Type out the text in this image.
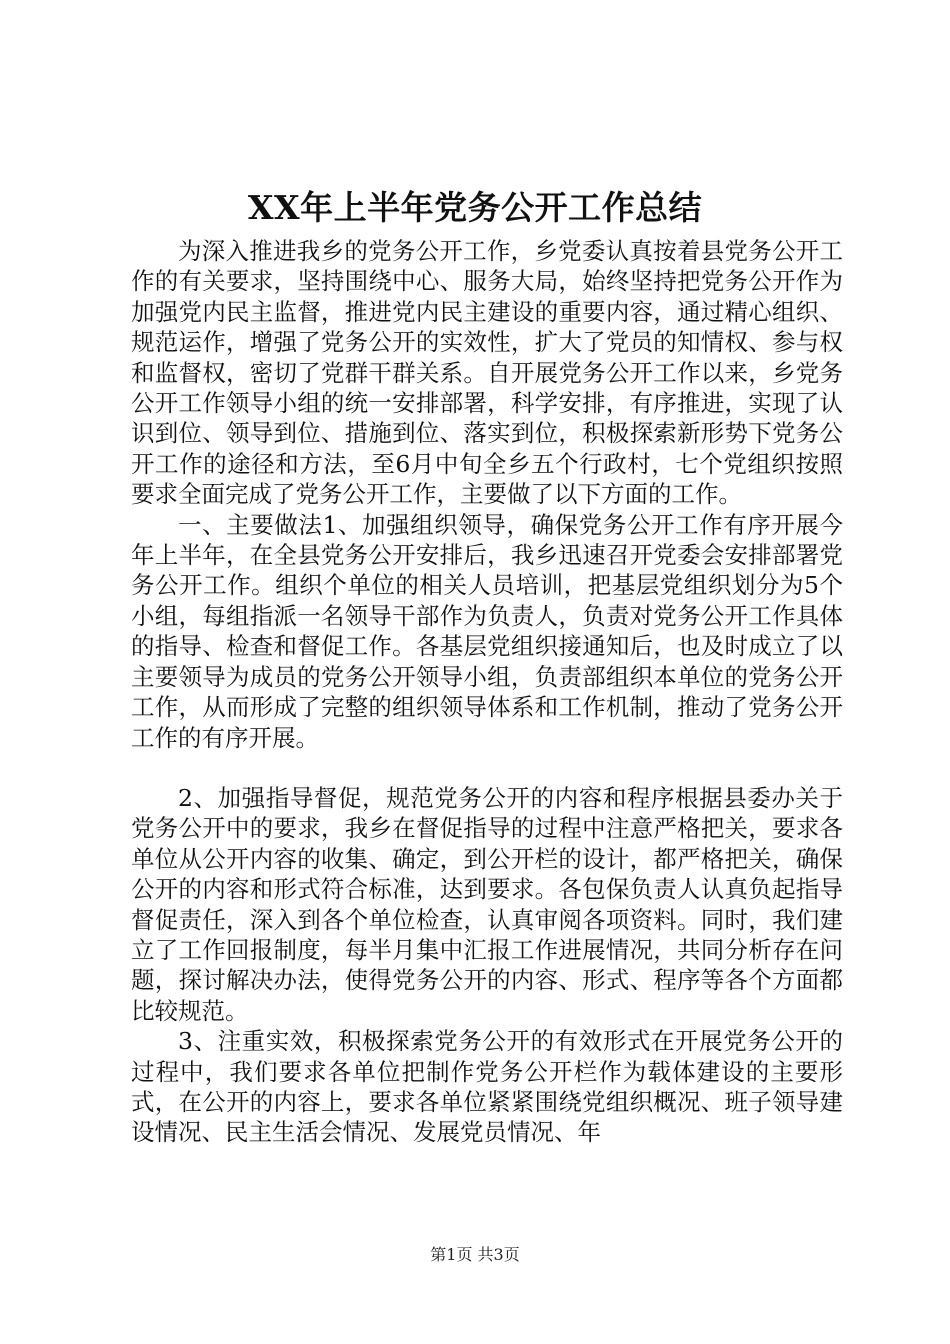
XX年上半年党务公开工作总结

为深入推进我乡的党务公开工作，乡党委认真按着县党务公开工作的有关要求，坚持围绕中心、服务大局，始终坚持把党务公开作为加强党内民主监督，推进党内民主建设的重要内容，通过精心组织、规范运作，增强了党务公开的实效性，扩大了党员的知情权、参与权和监督权，密切了党群干群关系。自开展党务公开工作以来，乡党务公开工作领导小组的统一安排部署，科学安排，有序推进，实现了认识到位、领导到位、措施到位、落实到位，积极探索新形势下党务公开工作的途径和方法，至6月中旬全乡五个行政村，七个党组织按照要求全面完成了党务公开工作，主要做了以下方面的工作。

一、主要做法1、加强组织领导，确保党务公开工作有序开展今年上半年，在全县党务公开安排后，我乡迅速召开党委会安排部署党务公开工作。组织个单位的相关人员培训，把基层党组织划分为5个小组，每组指派一名领导干部作为负责人，负责对党务公开工作具体的指导、检查和督促工作。各基层党组织接通知后，也及时成立了以主要领导为成员的党务公开领导小组，负责部组织本单位的党务公开工作，从而形成了完整的组织领导体系和工作机制，推动了党务公开工作的有序开展。

2、加强指导督促，规范党务公开的内容和程序根据县委办关于党务公开中的要求，我乡在督促指导的过程中注意严格把关，要求各单位从公开内容的收集、确定，到公开栏的设计，都严格把关，确保公开的内容和形式符合标准，达到要求。各包保负责人认真负起指导督促责任，深入到各个单位检查，认真审阅各项资料。同时，我们建立了工作回报制度，每半月集中汇报工作进展情况，共同分析存在问题，探讨解决办法，使得党务公开的内容、形式、程序等各个方面都比较规范。

3、注重实效，积极探索党务公开的有效形式在开展党务公开的过程中，我们要求各单位把制作党务公开栏作为载体建设的主要形式，在公开的内容上，要求各单位紧紧围绕党组织概况、班子领导建设情况、民主生活会情况、发展党员情况、年

第1页 共3页
